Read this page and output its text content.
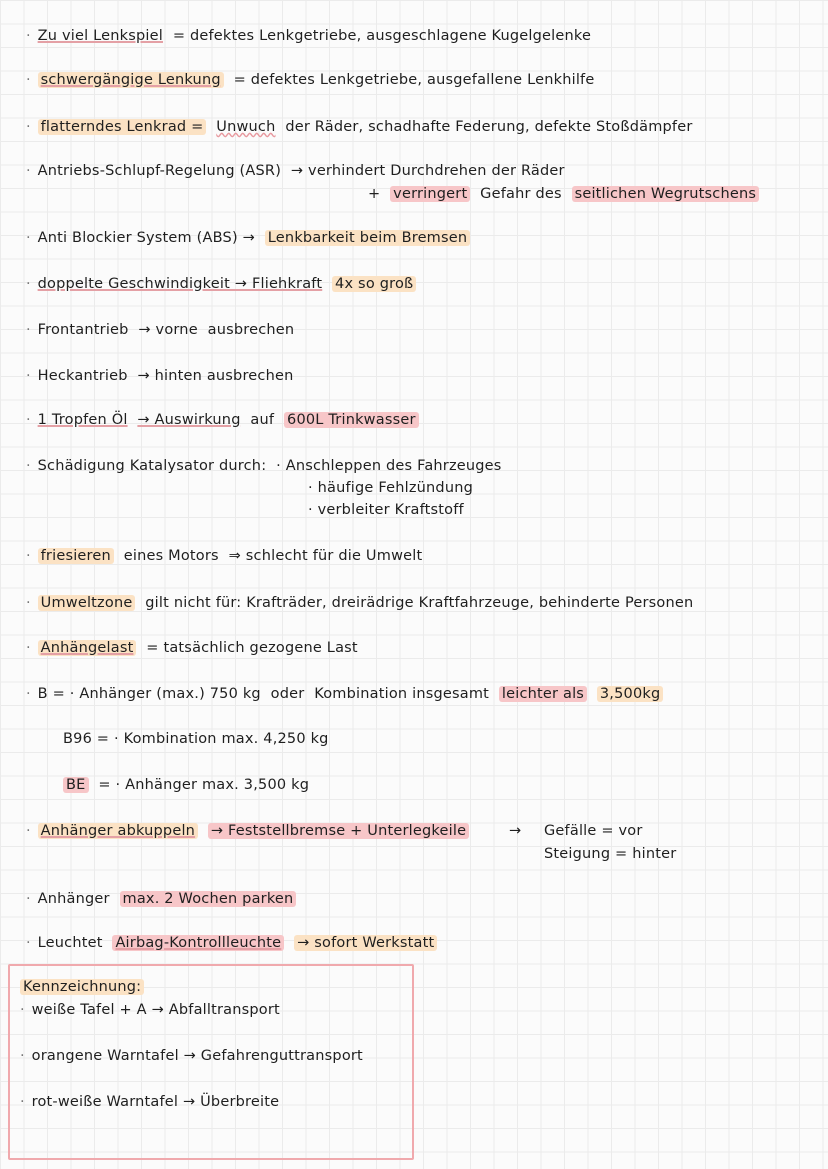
· Zu viel Lenkspiel = defektes Lenkgetriebe, ausgeschlagene Kugelgelenke
· schwergängige Lenkung = defektes Lenkgetriebe, ausgefallene Lenkhilfe
· flatterndes Lenkrad = Unwuch der Räder, schadhafte Federung, defekte Stoßdämpfer
· Antriebs-Schlupf-Regelung (ASR) → verhindert Durchdrehen der Räder
+ verringert Gefahr des seitlichen Wegrutschens
· Anti Blockier System (ABS) → Lenkbarkeit beim Bremsen
· doppelte Geschwindigkeit → Fliehkraft 4x so groß
· Frontantrieb → vorne ausbrechen
· Heckantrieb → hinten ausbrechen
· 1 Tropfen Öl → Auswirkung auf 600L Trinkwasser
· Schädigung Katalysator durch: · Anschleppen des Fahrzeuges
· häufige Fehlzündung
· verbleiter Kraftstoff
· friesieren eines Motors ⇒ schlecht für die Umwelt
· Umweltzone gilt nicht für: Krafträder, dreirädrige Kraftfahrzeuge, behinderte Personen
· Anhängelast = tatsächlich gezogene Last
· B = · Anhänger (max.) 750 kg oder Kombination insgesamt leichter als 3,500kg
B96 = · Kombination max. 4,250 kg
BE = · Anhänger max. 3,500 kg
· Anhänger abkuppeln → Feststellbremse + Unterlegkeile	→	Gefälle = vor
Steigung = hinter
· Anhänger max. 2 Wochen parken
· Leuchtet Airbag-Kontrollleuchte → sofort Werkstatt
Kennzeichnung:
· weiße Tafel + A → Abfalltransport
· orangene Warntafel → Gefahrenguttransport
· rot-weiße Warntafel → Überbreite
